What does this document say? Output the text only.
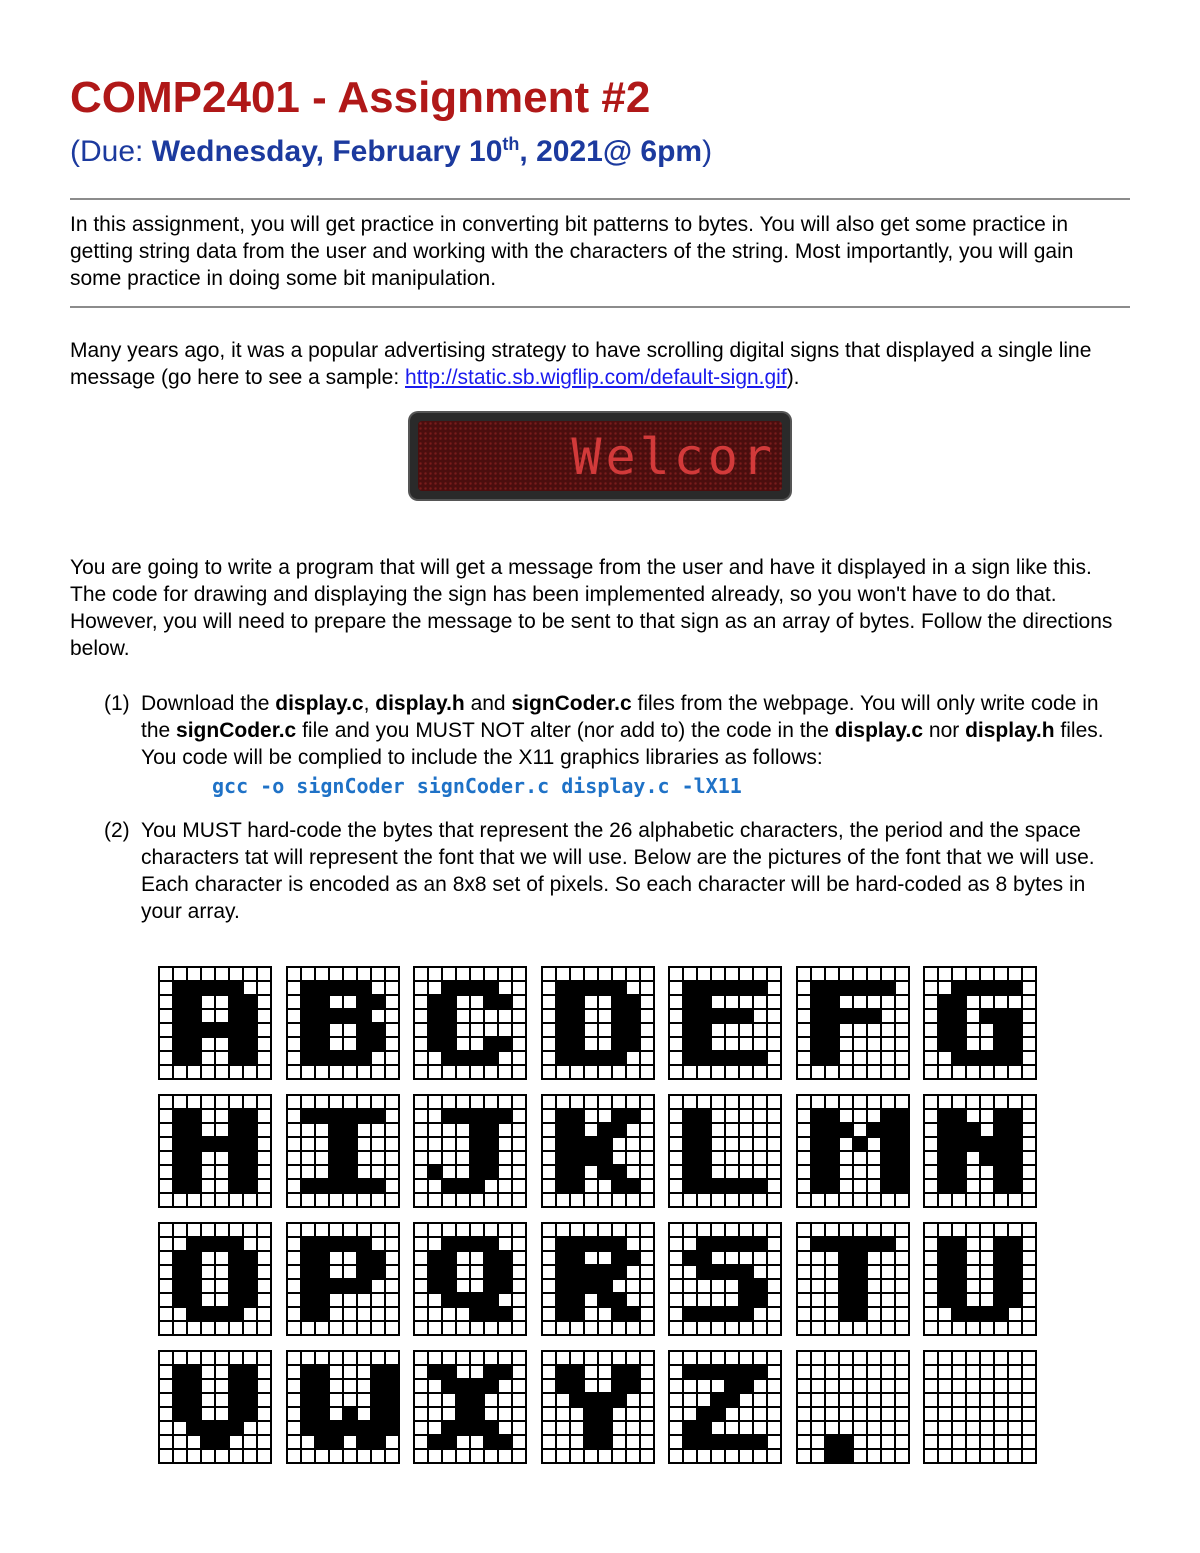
COMP2401 - Assignment #2

(Due: Wednesday, February 10th, 2021@ 6pm)

In this assignment, you will get practice in converting bit patterns to bytes. You will also get some practice in getting string data from the user and working with the characters of the string. Most importantly, you will gain some practice in doing some bit manipulation.

Many years ago, it was a popular advertising strategy to have scrolling digital signs that displayed a single line message (go here to see a sample: http://static.sb.wigflip.com/default-sign.gif).

You are going to write a program that will get a message from the user and have it displayed in a sign like this. The code for drawing and displaying the sign has been implemented already, so you won't have to do that. However, you will need to prepare the message to be sent to that sign as an array of bytes. Follow the directions below.

(1) Download the display.c, display.h and signCoder.c files from the webpage. You will only write code in the signCoder.c file and you MUST NOT alter (nor add to) the code in the display.c nor display.h files. You code will be complied to include the X11 graphics libraries as follows:
gcc -o signCoder signCoder.c display.c -lX11
(2) You MUST hard-code the bytes that represent the 26 alphabetic characters, the period and the space characters tat will represent the font that we will use. Below are the pictures of the font that we will use. Each character is encoded as an 8x8 set of pixels. So each character will be hard-coded as 8 bytes in your array.
Welcor
